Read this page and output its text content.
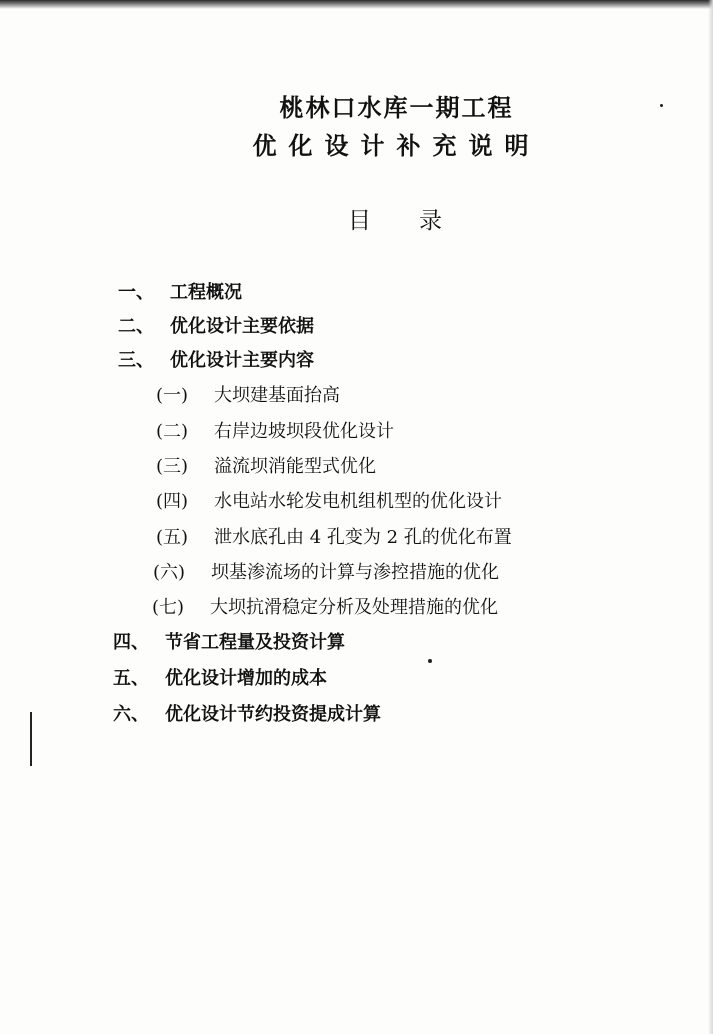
桃林口水库一期工程
优化设计补充说明
目录
一、 工程概况
二、 优化设计主要依据
三、 优化设计主要内容
(一) 大坝建基面抬高
(二) 右岸边坡坝段优化设计
(三) 溢流坝消能型式优化
(四) 水电站水轮发电机组机型的优化设计
(五) 泄水底孔由 4 孔变为 2 孔的优化布置
(六) 坝基渗流场的计算与渗控措施的优化
(七) 大坝抗滑稳定分析及处理措施的优化
四、 节省工程量及投资计算
五、 优化设计增加的成本
六、 优化设计节约投资提成计算
